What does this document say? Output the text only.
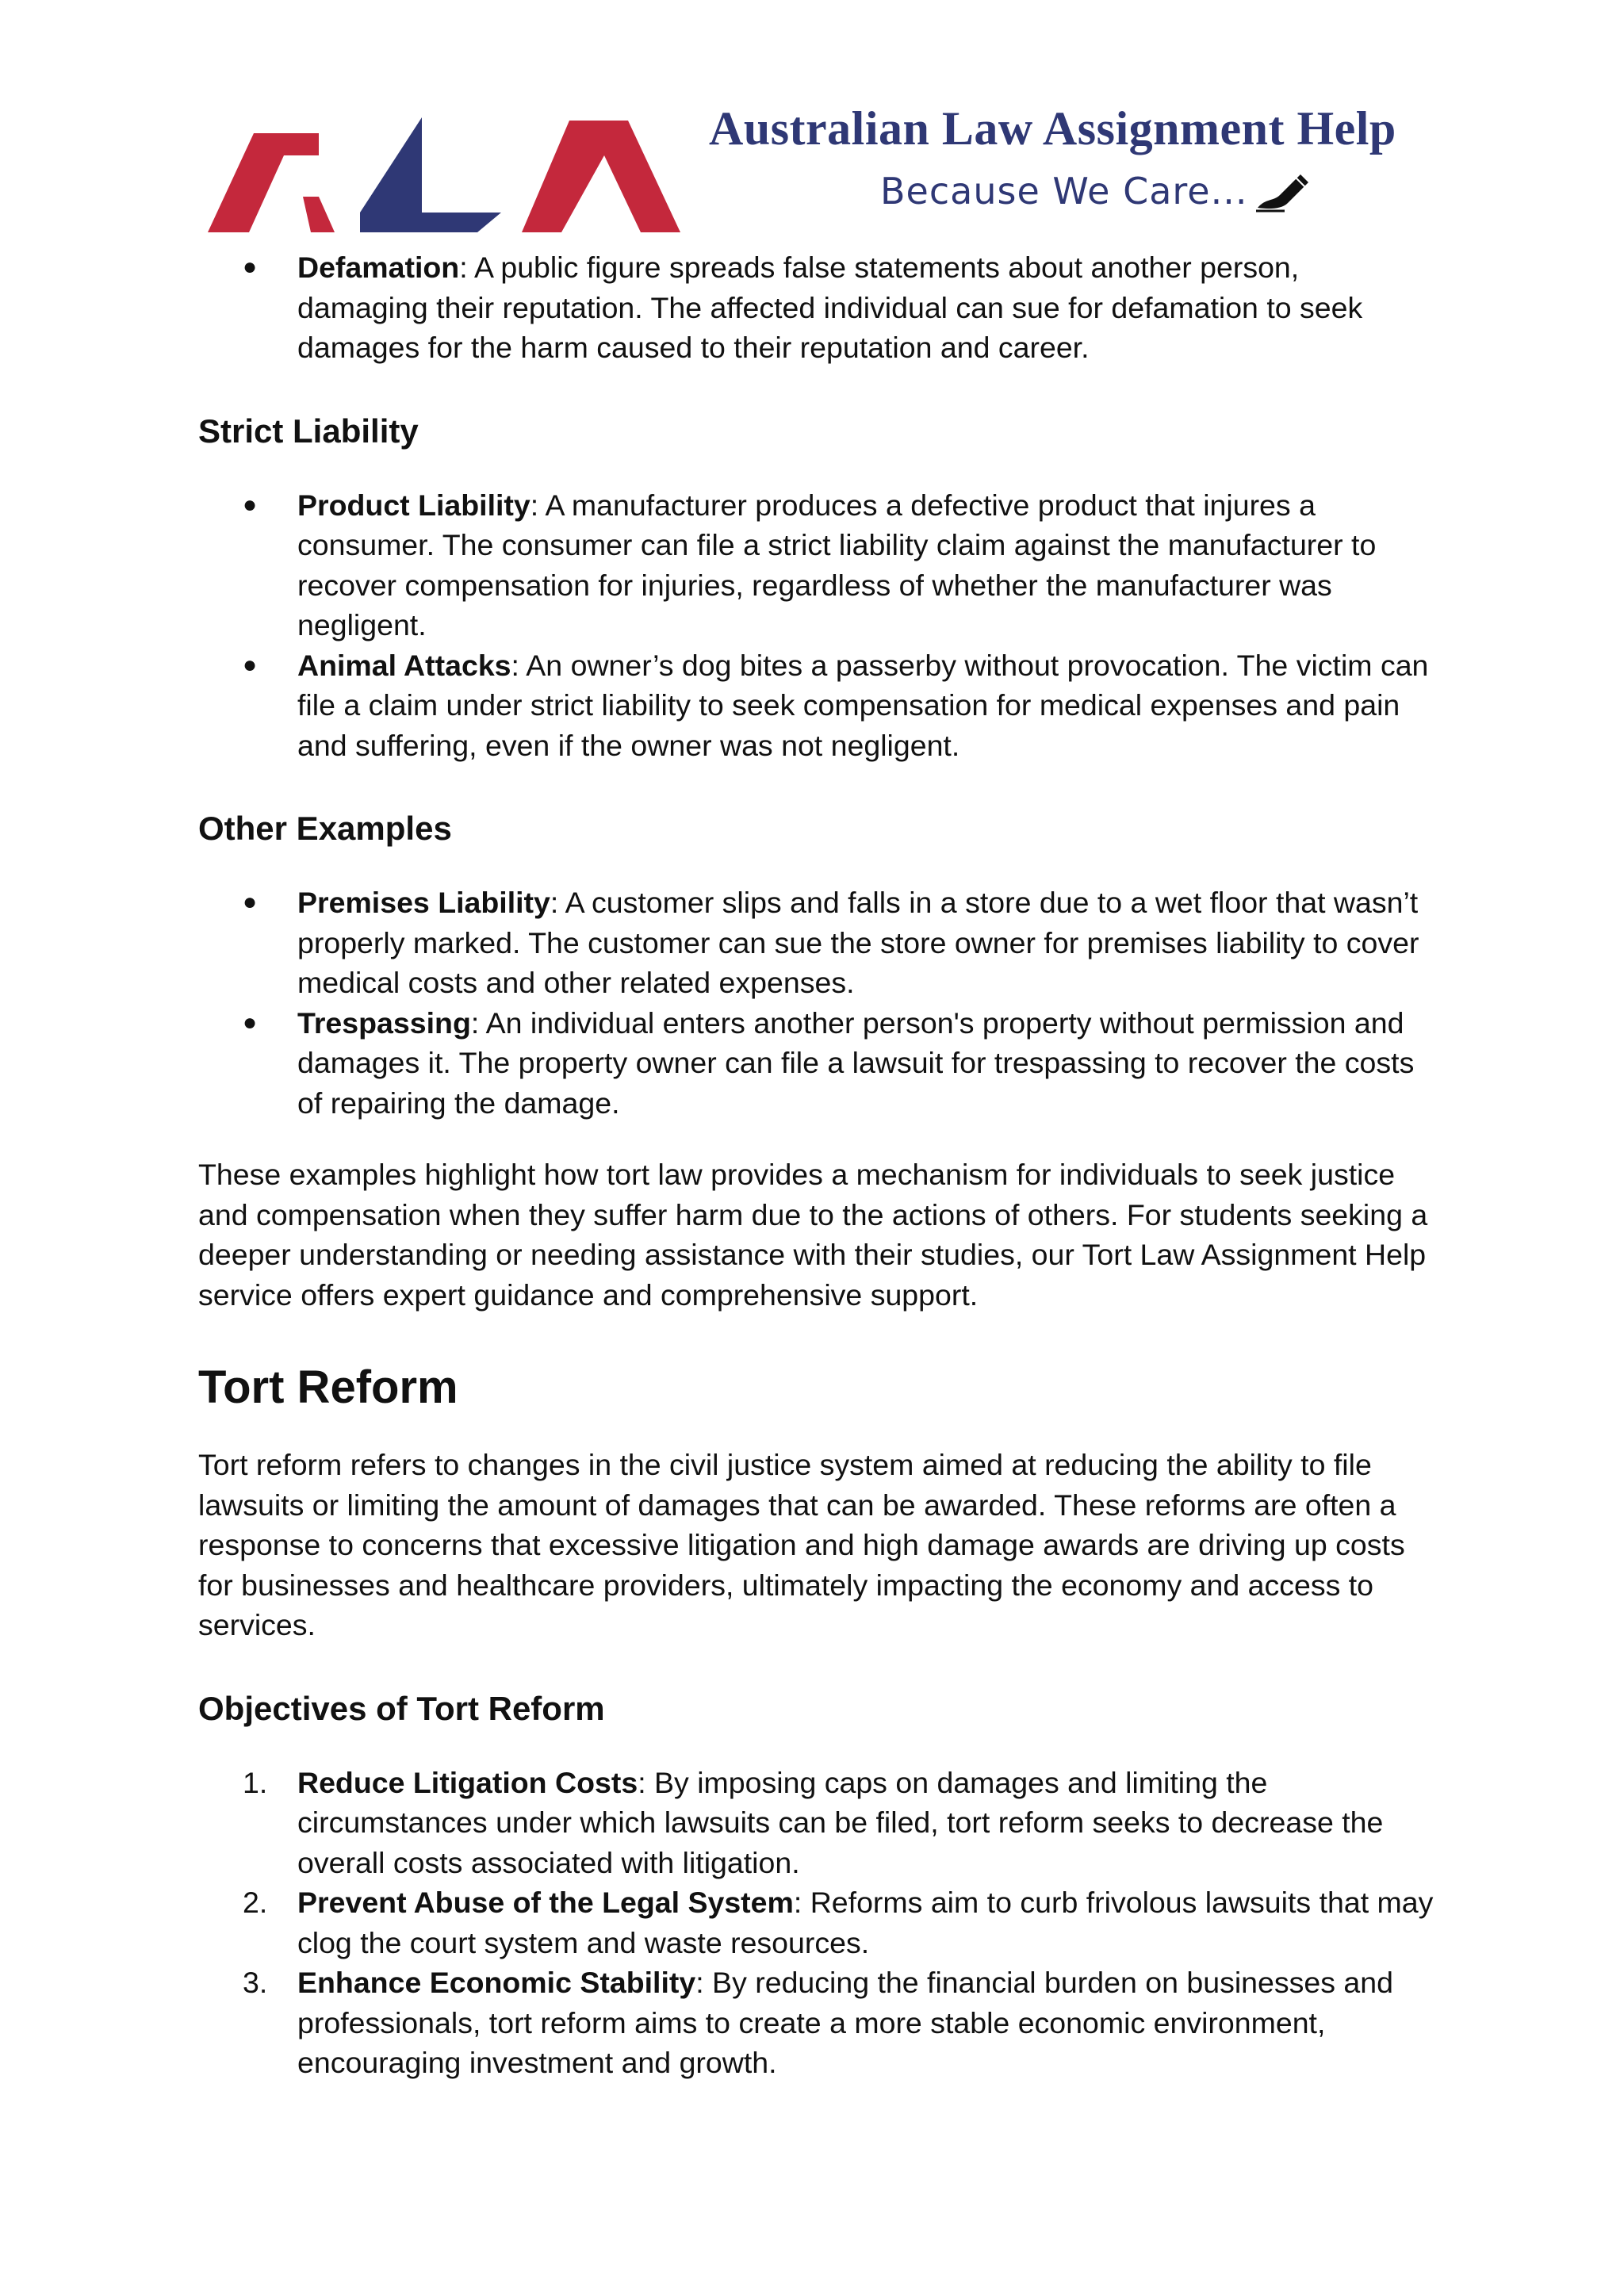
Australian Law Assignment Help
Because We Care...
●	Defamation: A public figure spreads false statements about another person, damaging their reputation. The affected individual can sue for defamation to seek damages for the harm caused to their reputation and career.
Strict Liability
●	Product Liability: A manufacturer produces a defective product that injures a consumer. The consumer can file a strict liability claim against the manufacturer to recover compensation for injuries, regardless of whether the manufacturer was negligent.
●	Animal Attacks: An owner’s dog bites a passerby without provocation. The victim can file a claim under strict liability to seek compensation for medical expenses and pain and suffering, even if the owner was not negligent.
Other Examples
●	Premises Liability: A customer slips and falls in a store due to a wet floor that wasn’t properly marked. The customer can sue the store owner for premises liability to cover medical costs and other related expenses.
●	Trespassing: An individual enters another person's property without permission and damages it. The property owner can file a lawsuit for trespassing to recover the costs of repairing the damage.

These examples highlight how tort law provides a mechanism for individuals to seek justice and compensation when they suffer harm due to the actions of others. For students seeking a deeper understanding or needing assistance with their studies, our Tort Law Assignment Help service offers expert guidance and comprehensive support.

Tort Reform

Tort reform refers to changes in the civil justice system aimed at reducing the ability to file lawsuits or limiting the amount of damages that can be awarded. These reforms are often a response to concerns that excessive litigation and high damage awards are driving up costs for businesses and healthcare providers, ultimately impacting the economy and access to services.

Objectives of Tort Reform
1.	Reduce Litigation Costs: By imposing caps on damages and limiting the circumstances under which lawsuits can be filed, tort reform seeks to decrease the overall costs associated with litigation.
2.	Prevent Abuse of the Legal System: Reforms aim to curb frivolous lawsuits that may clog the court system and waste resources.
3.	Enhance Economic Stability: By reducing the financial burden on businesses and professionals, tort reform aims to create a more stable economic environment, encouraging investment and growth.
